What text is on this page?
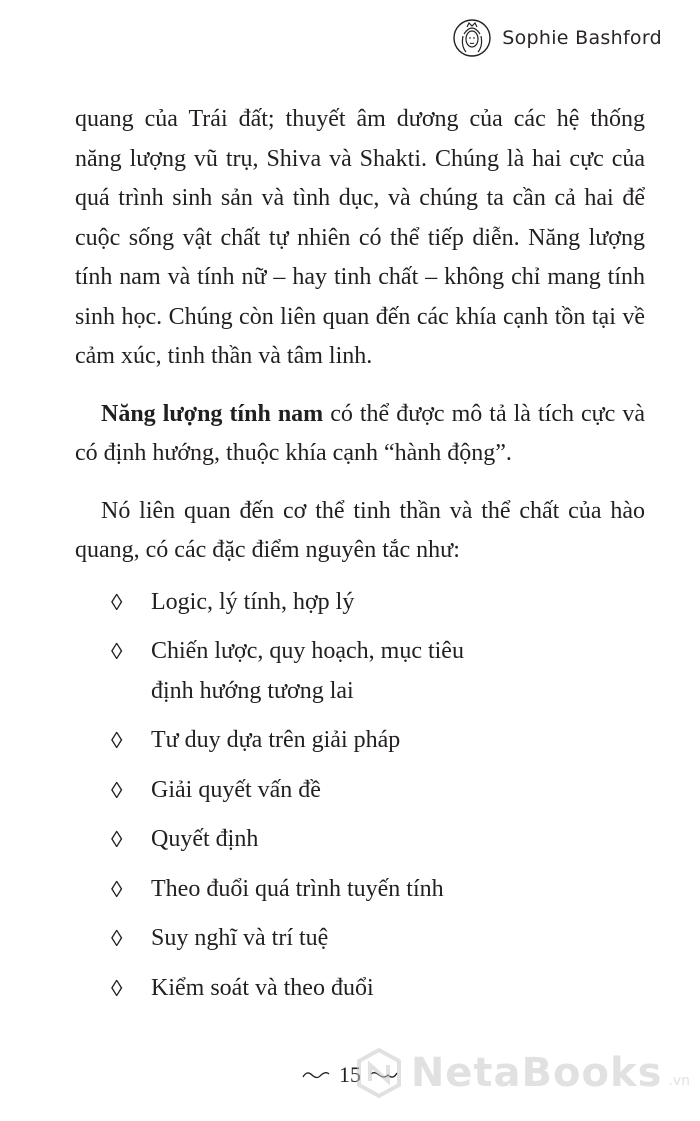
Sophie Bashford

quang của Trái đất; thuyết âm dương của các hệ thống năng lượng vũ trụ, Shiva và Shakti. Chúng là hai cực của quá trình sinh sản và tình dục, và chúng ta cần cả hai để cuộc sống vật chất tự nhiên có thể tiếp diễn. Năng lượng tính nam và tính nữ – hay tinh chất – không chỉ mang tính sinh học. Chúng còn liên quan đến các khía cạnh tồn tại về cảm xúc, tinh thần và tâm linh.

Năng lượng tính nam có thể được mô tả là tích cực và có định hướng, thuộc khía cạnh “hành động”.

Nó liên quan đến cơ thể tinh thần và thể chất của hào quang, có các đặc điểm nguyên tắc như:

◊	Logic, lý tính, hợp lý
◊	Chiến lược, quy hoạch, mục tiêu định hướng tương lai
◊	Tư duy dựa trên giải pháp
◊	Giải quyết vấn đề
◊	Quyết định
◊	Theo đuổi quá trình tuyến tính
◊	Suy nghĩ và trí tuệ
◊	Kiểm soát và theo đuổi
15 NetaBooks .vn
